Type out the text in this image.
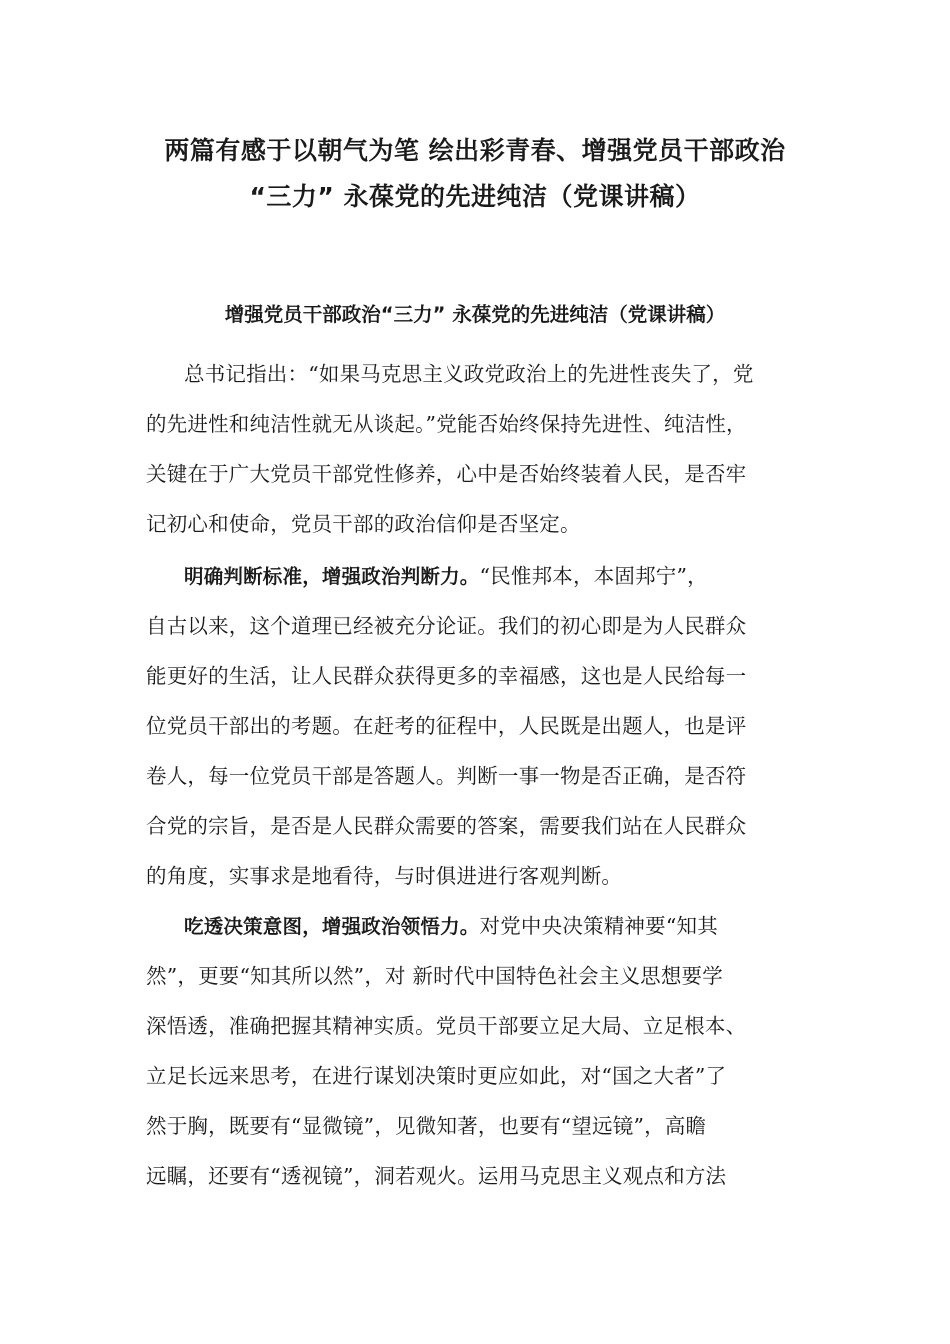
两篇有感于以朝气为笔 绘出彩青春、增强党员干部政治
“三力” 永葆党的先进纯洁（党课讲稿）
增强党员干部政治“三力” 永葆党的先进纯洁（党课讲稿）
总书记指出：“如果马克思主义政党政治上的先进性丧失了，党
的先进性和纯洁性就无从谈起。”党能否始终保持先进性、纯洁性，
关键在于广大党员干部党性修养，心中是否始终装着人民，是否牢
记初心和使命，党员干部的政治信仰是否坚定。
明确判断标准，增强政治判断力。“民惟邦本，本固邦宁”，
自古以来，这个道理已经被充分论证。我们的初心即是为人民群众
能更好的生活，让人民群众获得更多的幸福感，这也是人民给每一
位党员干部出的考题。在赶考的征程中，人民既是出题人，也是评
卷人，每一位党员干部是答题人。判断一事一物是否正确，是否符
合党的宗旨，是否是人民群众需要的答案，需要我们站在人民群众
的角度，实事求是地看待，与时俱进进行客观判断。
吃透决策意图，增强政治领悟力。对党中央决策精神要“知其
然”，更要“知其所以然”，对 新时代中国特色社会主义思想要学
深悟透，准确把握其精神实质。党员干部要立足大局、立足根本、
立足长远来思考，在进行谋划决策时更应如此，对“国之大者”了
然于胸，既要有“显微镜”，见微知著，也要有“望远镜”，高瞻
远瞩，还要有“透视镜”，洞若观火。运用马克思主义观点和方法
